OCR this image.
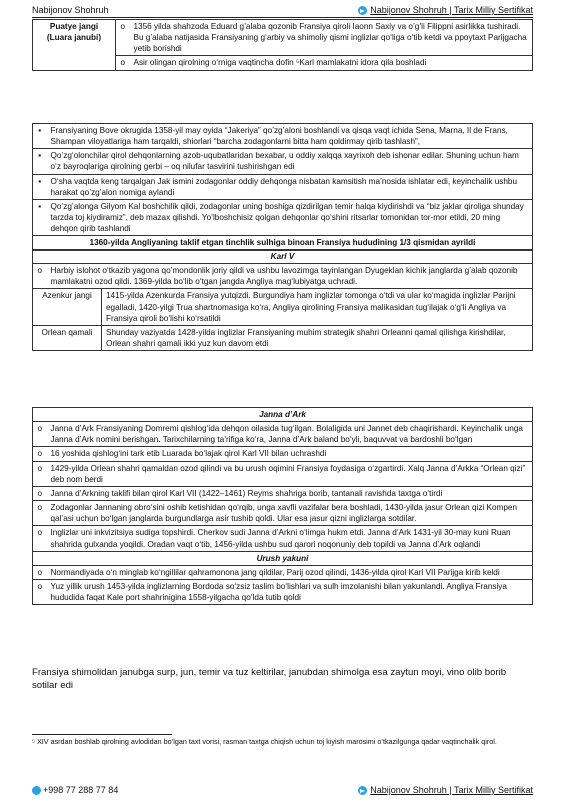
Nabijonov Shohruh	Nabijonov Shohruh | Tarix Milliy Sertifikat
Puatye jangi (Luara janubi)	o	1356 yilda shahzoda Eduard g’alaba qozonib Fransiya qiroli Iaonn Saxiy va o’g’li Filippni asirlikka tushiradi. Bu g’alaba natijasida Fransiyaning g‘arbiy va shimoliy qismi inglizlar qo‘liga o‘tib ketdi va ppoytaxt Parijgacha yetib borishdi
	o	Asir olingan qirolning o‘rniga vaqtincha dofin ⁵Karl mamlakatni idora qila boshladi
▪	Fransiyaning Bove okrugida 1358-yil may oyida “Jakeriya” qo’zg’aloni boshlandi va qisqa vaqt ichida Sena, Marna, Il de Frans, Shampan viloyatlariga ham tarqaldi, shiorlari “barcha zodagonlarni bitta ham qoldirmay qirib tashlash”,
▪	Qo’zg‘olonchilar qirol dehqonlarning azob-uqubatlaridan bexabar, u oddiy xalqqa xayrixoh deb ishonar edilar. Shuning uchun ham o‘z bayroqlariga qirolning gerbi – oq nilufar tasvirini tushirishgan edi
▪	O‘sha vaqtda keng tarqalgan Jak ismini zodagonlar oddiy dehqonga nisbatan kamsitish ma’nosida ishlatar edi, keyinchalik ushbu harakat qo’zg’alon nomiga aylandi
▪	Qo’zg’alonga Gilyom Kal boshchilik qildi, zodagonlar uning boshiga qizdirilgan temir halqa kiydirishdi va “biz jaklar qiroliga shunday tarzda toj kiydiramiz”, deb mazax qilishdi. Yo’lboshchisiz qolgan dehqonlar qo‘shini ritsarlar tomonidan tor-mor etildi, 20 ming dehqon qirib tashlandi
1360-yilda Angliyaning taklif etgan tinchlik sulhiga binoan Fransiya hududining 1/3 qismidan ayrildi	
Karl V		
o	Harbiy islohot o‘tkazib yagona qo’mondonlik joriy qildi va ushbu lavozimga tayinlangan Dyugeklan kichik janglarda g’alab qozonib mamlakatni ozod qildi. 1369-yilda bo‘lib o‘tgan jangda Angliya mag‘lubiyatga uchradi.	
Azenkur jangi		1415-yilda Azenkurda Fransiya yutqizdi. Burgundiya ham inglizlar tomonga o‘tdi va ular ko‘magida inglizlar Parijni egalladi, 1420-yilgi Trua shartnomasiga ko‘ra, Angliya qirolining Fransiya malikasidan tug‘ilajak o‘g‘li Angliya va Fransiya qiroli bo‘lishi ko‘rsatildi
Orlean qamali		Shunday vaziyatda 1428-yilda inglizlar Fransiyaning muhim strategik shahri Orleanni qamal qilishga kirishdilar, Orlean shahri qamali ikki yuz kun davom etdi
Janna d’Ark	
o	Janna d’Ark Fransiyaning Domremi qishlog‘ida dehqon oilasida tug‘ilgan. Bolaligida uni Jannet deb chaqirishardi. Keyinchalik unga Janna d’Ark nomini berishgan. Tarixchilarning ta’rifiga ko‘ra, Janna d’Ark baland bo‘yli, baquvvat va bardoshli bo‘lgan
o	16 yoshida qishlog‘ini tark etib Luarada bo‘lajak qirol Karl VII bilan uchrashdi
o	1429-yilda Orlean shahri qamaldan ozod qilindi va bu urush oqimini Fransiya foydasiga o‘zgartirdi. Xalq Janna d’Arkka “Orlean qizi” deb nom berdi
o	Janna d’Arkning taklifi bilan qirol Karl VII (1422–1461) Reyms shahriga borib, tantanali ravishda taxtga o‘tirdi
o	Zodagonlar Jannaning obro‘sini oshib ketishidan qo‘rqib, unga xavfli vazifalar bera boshladi, 1430-yilda jasur Orlean qizi Kompen qal’asi uchun bo‘lgan janglarda burgundlarga asir tushib qoldi. Ular esa jasur qizni inglizlarga sotdilar.
o	Inglizlar uni inkvizitsiya sudiga topshirdi. Cherkov sudi Janna d’Arkni o‘limga hukm etdi. Janna d’Ark 1431-yil 30-may kuni Ruan shahrida gulxanda yoqildi. Oradan vaqt o‘tib, 1456-yilda ushbu sud qarori noqonuniy deb topildi va Janna d’Ark oqlandi
Urush yakuni	
o	Normandiyada o‘n minglab ko‘ngillilar qahramonona jang qildilar, Parij ozod qilindi, 1436-yilda qirol Karl VII Parijga kirib keldi
o	Yuz yillik urush 1453-yilda inglizlarning Bordoda so‘zsiz taslim bo‘lishlari va sulh imzolanishi bilan yakunlandi. Angliya Fransiya hududida faqat Kale port shahriniginа 1558-yilgacha qo‘lda tutib qoldi
Fransiya shimolidan janubga surp, jun, temir va tuz keltirilar, janubdan shimolga esa zaytun moyi, vino olib borib sotilar edi
⁵ XIV asrdan boshlab qirolning avlodidan bo‘lgan taxt vorisi, rasman taxtga chiqish uchun toj kiyish marosimi o‘tkazilgunga qadar vaqtinchalik qirol.
+998 77 288 77 84	Nabijonov Shohruh | Tarix Milliy Sertifikat
